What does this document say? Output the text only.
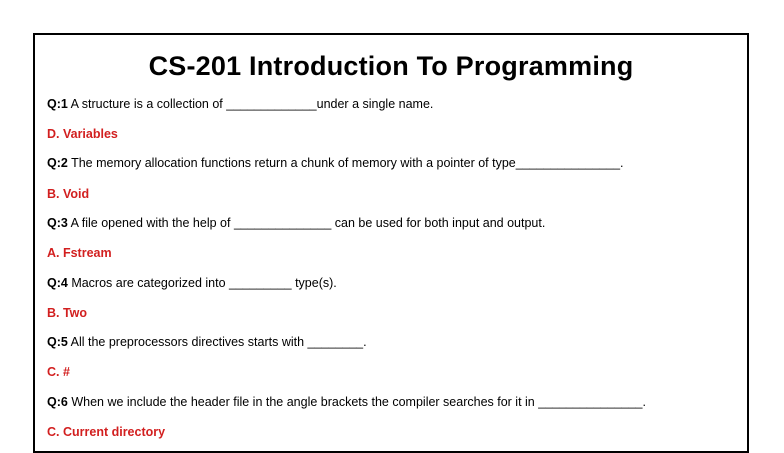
CS-201 Introduction To Programming
Q:1 A structure is a collection of _____________under a single name.
D. Variables
Q:2 The memory allocation functions return a chunk of memory with a pointer of type_______________.
B. Void
Q:3 A file opened with the help of ______________ can be used for both input and output.
A. Fstream
Q:4 Macros are categorized into _________ type(s).
B. Two
Q:5 All the preprocessors directives starts with ________.
C. #
Q:6 When we include the header file in the angle brackets the compiler searches for it in _______________.
C. Current directory
